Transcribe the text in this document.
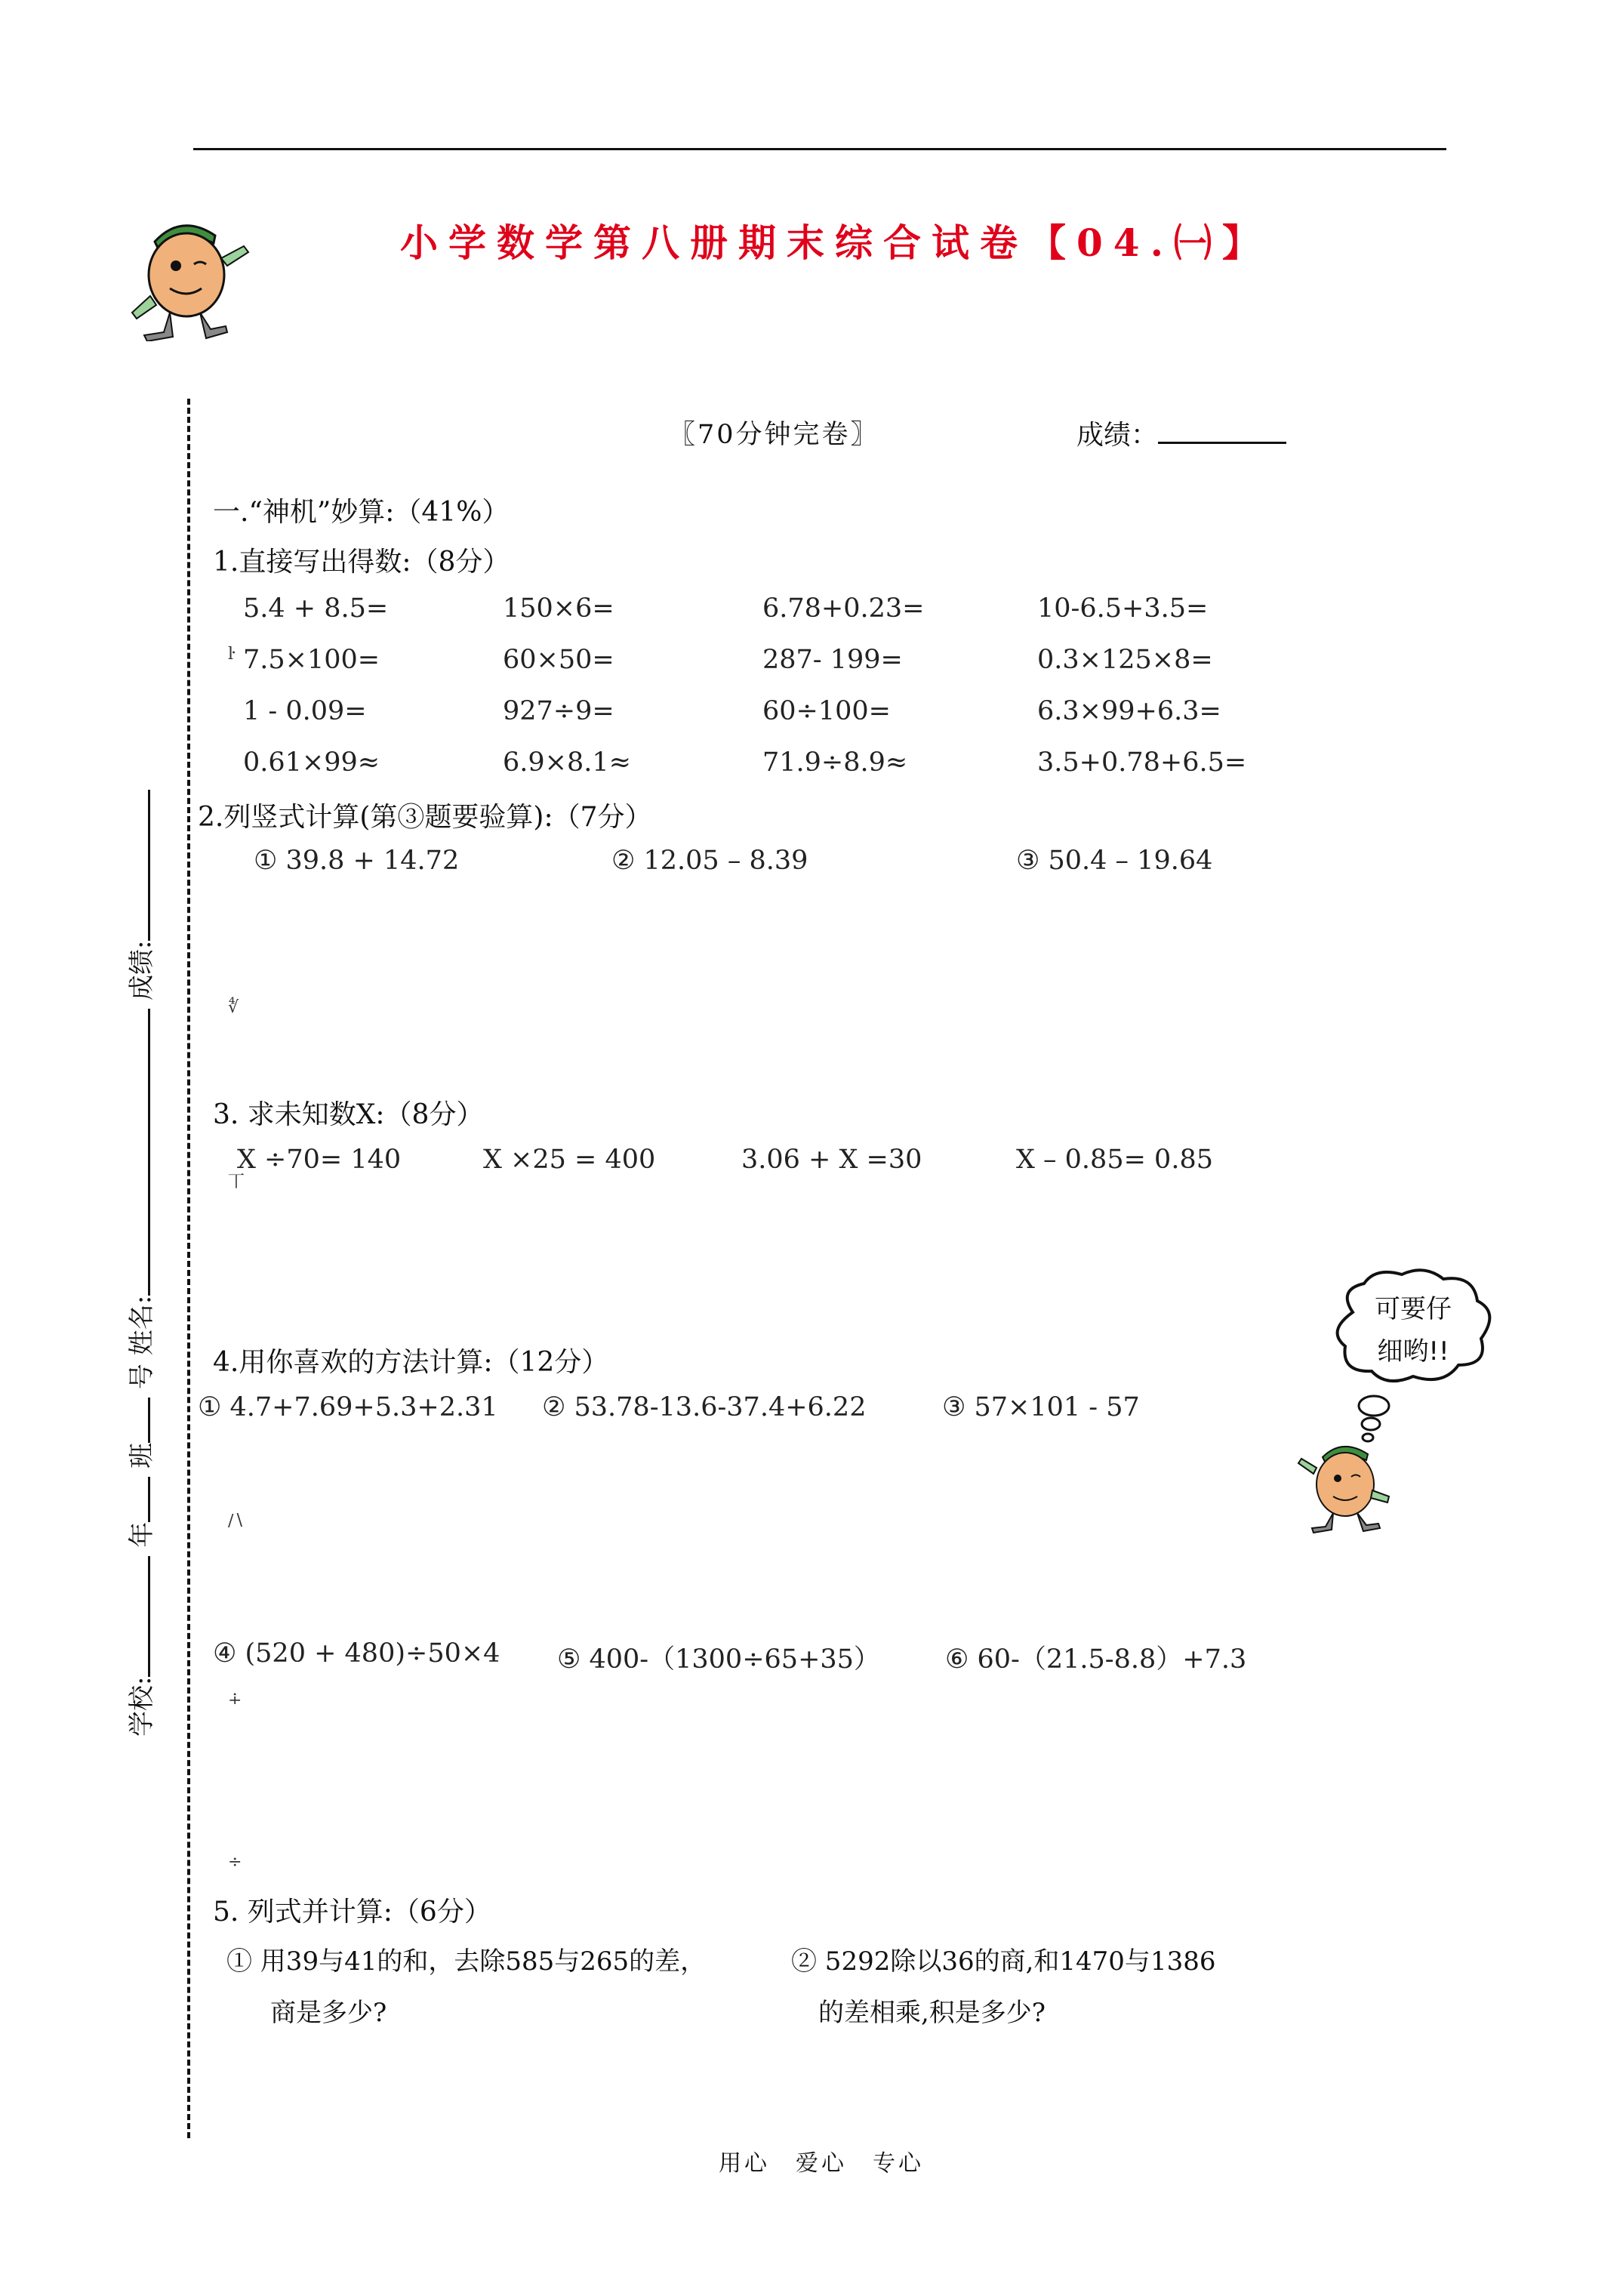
小学数学第八册期末综合试卷【04.㈠】
〖70分钟完卷〗	成绩：
学校: 年 班 号 姓名: 成绩:
ŀ
∜
丅
∕∖
∔
÷
一.“神机”妙算:（41%）
1.直接写出得数:（8分）
5.4 + 8.5=	150×6=	6.78+0.23=	10-6.5+3.5=
7.5×100=	60×50=	287- 199=	0.3×125×8=
1 - 0.09=	927÷9=	60÷100=	6.3×99+6.3=
0.61×99≈	6.9×8.1≈	71.9÷8.9≈	3.5+0.78+6.5=
2.列竖式计算(第③题要验算):（7分）
① 39.8 + 14.72	② 12.05 – 8.39	③ 50.4 – 19.64
3. 求未知数X:（8分）
X ÷70= 140	X ×25 = 400	3.06 + X =30	X – 0.85= 0.85
4.用你喜欢的方法计算:（12分）
① 4.7+7.69+5.3+2.31 ② 53.78-13.6-37.4+6.22	③ 57×101 - 57
④ (520 + 480)÷50×4 ⑤ 400-（1300÷65+35） ⑥ 60-（21.5-8.8）+7.3
5. 列式并计算:（6分）
① 用39与41的和，去除585与265的差，
商是多少?
② 5292除以36的商,和1470与1386
的差相乘,积是多少?
可要仔
细哟!!
用心　爱心　专心
